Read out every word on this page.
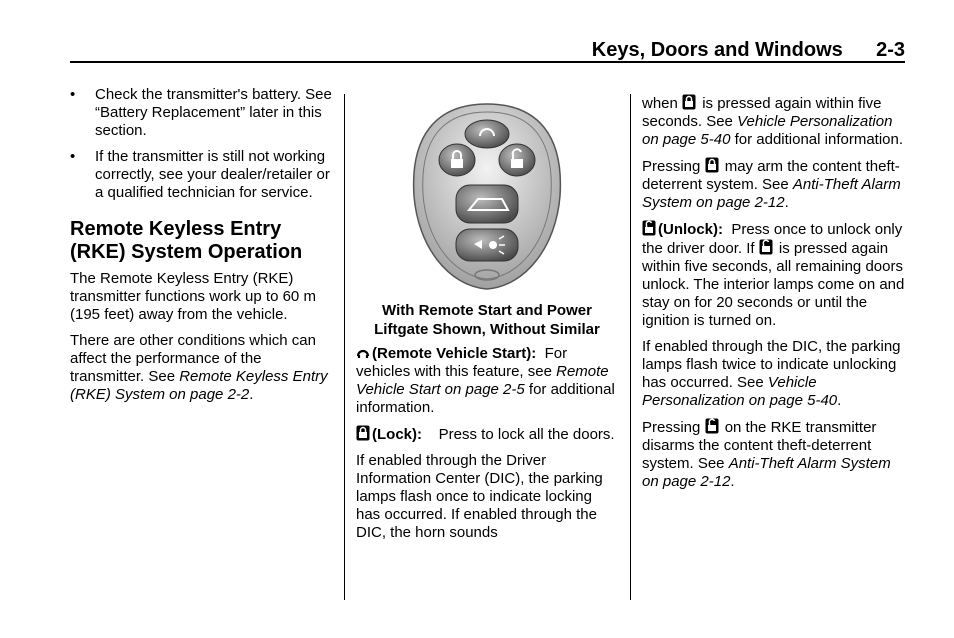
Keys, Doors and Windows      2-3
• Check the transmitter's battery. See “Battery Replacement” later in this section.
• If the transmitter is still not working correctly, see your dealer/retailer or a qualified technician for service.
Remote Keyless Entry (RKE) System Operation

The Remote Keyless Entry (RKE) transmitter functions work up to 60 m (195 feet) away from the vehicle.

There are other conditions which can affect the performance of the transmitter. See Remote Keyless Entry (RKE) System on page 2-2.

With Remote Start and Power Liftgate Shown, Without Similar

(Remote Vehicle Start): For vehicles with this feature, see Remote Vehicle Start on page 2-5 for additional information.

(Lock): Press to lock all the doors.

If enabled through the Driver Information Center (DIC), the parking lamps flash once to indicate locking has occurred. If enabled through the DIC, the horn sounds

when  is pressed again within five seconds. See Vehicle Personalization on page 5-40 for additional information.

Pressing  may arm the content theft-deterrent system. See Anti-Theft Alarm System on page 2-12.

(Unlock): Press once to unlock only the driver door. If  is pressed again within five seconds, all remaining doors unlock. The interior lamps come on and stay on for 20 seconds or until the ignition is turned on.

If enabled through the DIC, the parking lamps flash twice to indicate unlocking has occurred. See Vehicle Personalization on page 5-40.

Pressing  on the RKE transmitter disarms the content theft-deterrent system. See Anti-Theft Alarm System on page 2-12.
